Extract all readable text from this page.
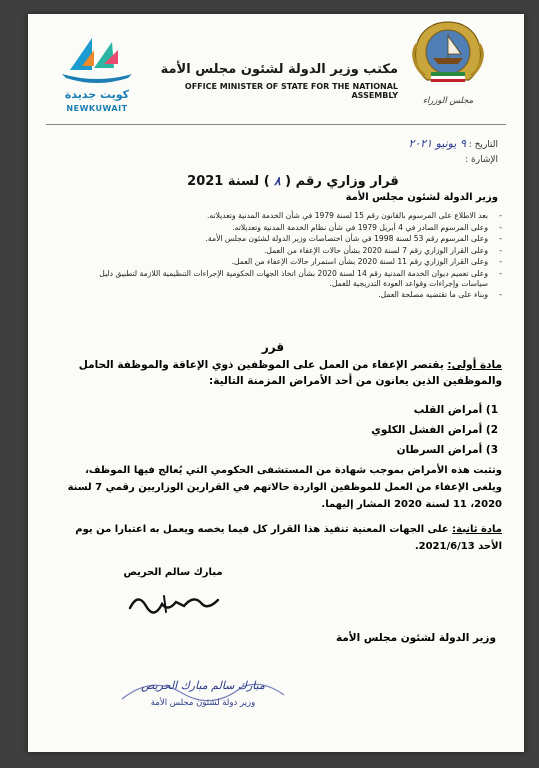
مجلس الوزراء
كويت جديدة
NEWKUWAIT
مكتب وزير الدولة لشئون مجلس الأمة
OFFICE MINISTER OF STATE FOR THE NATIONAL ASSEMBLY
التاريخ : ٩ يونيو ٢٠٢١
الإشارة :
قرار وزاري رقم ( ٨ ) لسنة 2021
وزير الدولة لشئون مجلس الأمة
- بعد الاطلاع على المرسوم بالقانون رقم 15 لسنة 1979 في شأن الخدمة المدنية وتعديلاته.
- وعلى المرسوم الصادر في 4 أبريل 1979 في شأن نظام الخدمة المدنية وتعديلاته.
- وعلى المرسوم رقم 53 لسنة 1998 في شأن اختصاصات وزير الدولة لشئون مجلس الأمة.
- وعلى القرار الوزاري رقم 7 لسنة 2020 بشأن حالات الإعفاء من العمل.
- وعلى القرار الوزاري رقم 11 لسنة 2020 بشأن استمرار حالات الإعفاء من العمل.
- وعلى تعميم ديوان الخدمة المدنية رقم 14 لسنة 2020 بشأن اتخاذ الجهات الحكومية الإجراءات التنظيمية اللازمة لتطبيق دليل سياسات وإجراءات وقواعد العودة التدريجية للعمل.
- وبناء على ما تقتضيه مصلحة العمل.
قرر
مادة أولى: يقتصر الإعفاء من العمل على الموظفين ذوي الإعاقة والموظفة الحامل والموظفين الذين يعانون من أحد الأمراض المزمنة التالية:
1) أمراض القلب
2) أمراض الفشل الكلوي
3) أمراض السرطان
وتثبت هذه الأمراض بموجب شهادة من المستشفى الحكومي التي يُعالج فيها الموظف، ويلغى الإعفاء من العمل للموظفين الواردة حالاتهم في القرارين الوزاريين رقمي 7 لسنة 2020، 11 لسنة 2020 المشار إليهما.
مادة ثانية: على الجهات المعنية تنفيذ هذا القرار كل فيما يخصه ويعمل به اعتبارا من يوم الأحد 2021/6/13.
مبارك سالم الحريص
وزير الدولة لشئون مجلس الأمة
مبارك سالم مبارك الحريص
وزير دولة لشئون مجلس الأمة
